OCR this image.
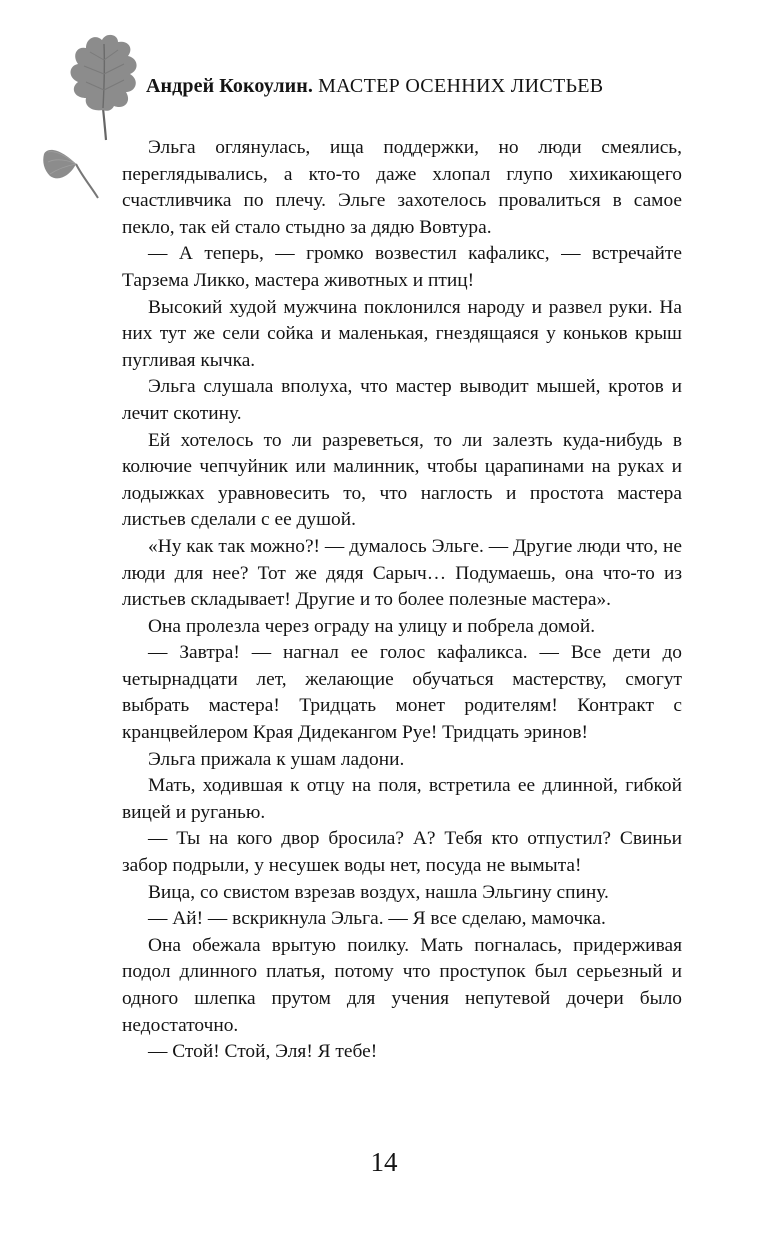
Андрей Кокоулин. МАСТЕР ОСЕННИХ ЛИСТЬЕВ

Эльга оглянулась, ища поддержки, но люди смеялись, переглядывались, а кто-то даже хлопал глупо хихикающего счастливчика по плечу. Эльге захотелось провалиться в самое пекло, так ей стало стыдно за дядю Вовтура.

— А теперь, — громко возвестил кафаликс, — встречайте Тарзема Ликко, мастера животных и птиц!

Высокий худой мужчина поклонился народу и развел руки. На них тут же сели сойка и маленькая, гнездящаяся у коньков крыш пугливая кычка.

Эльга слушала вполуха, что мастер выводит мышей, кротов и лечит скотину.

Ей хотелось то ли разреветься, то ли залезть куда-нибудь в колючие чепчуйник или малинник, чтобы царапинами на руках и лодыжках уравновесить то, что наглость и простота мастера листьев сделали с ее душой.

«Ну как так можно?! — думалось Эльге. — Другие люди что, не люди для нее? Тот же дядя Сарыч… Подумаешь, она что-то из листьев складывает! Другие и то более полезные мастера».

Она пролезла через ограду на улицу и побрела домой.

— Завтра! — нагнал ее голос кафаликса. — Все дети до четырнадцати лет, желающие обучаться мастерству, смогут выбрать мастера! Тридцать монет родителям! Контракт с кранцвейлером Края Дидекангом Руе! Тридцать эринов!

Эльга прижала к ушам ладони.

Мать, ходившая к отцу на поля, встретила ее длинной, гибкой вицей и руганью.

— Ты на кого двор бросила? А? Тебя кто отпустил? Свиньи забор подрыли, у несушек воды нет, посуда не вымыта!

Вица, со свистом взрезав воздух, нашла Эльгину спину.

— Ай! — вскрикнула Эльга. — Я все сделаю, мамочка.

Она обежала врытую поилку. Мать погналась, придерживая подол длинного платья, потому что проступок был серьезный и одного шлепка прутом для учения непутевой дочери было недостаточно.

— Стой! Стой, Эля! Я тебе!

14
